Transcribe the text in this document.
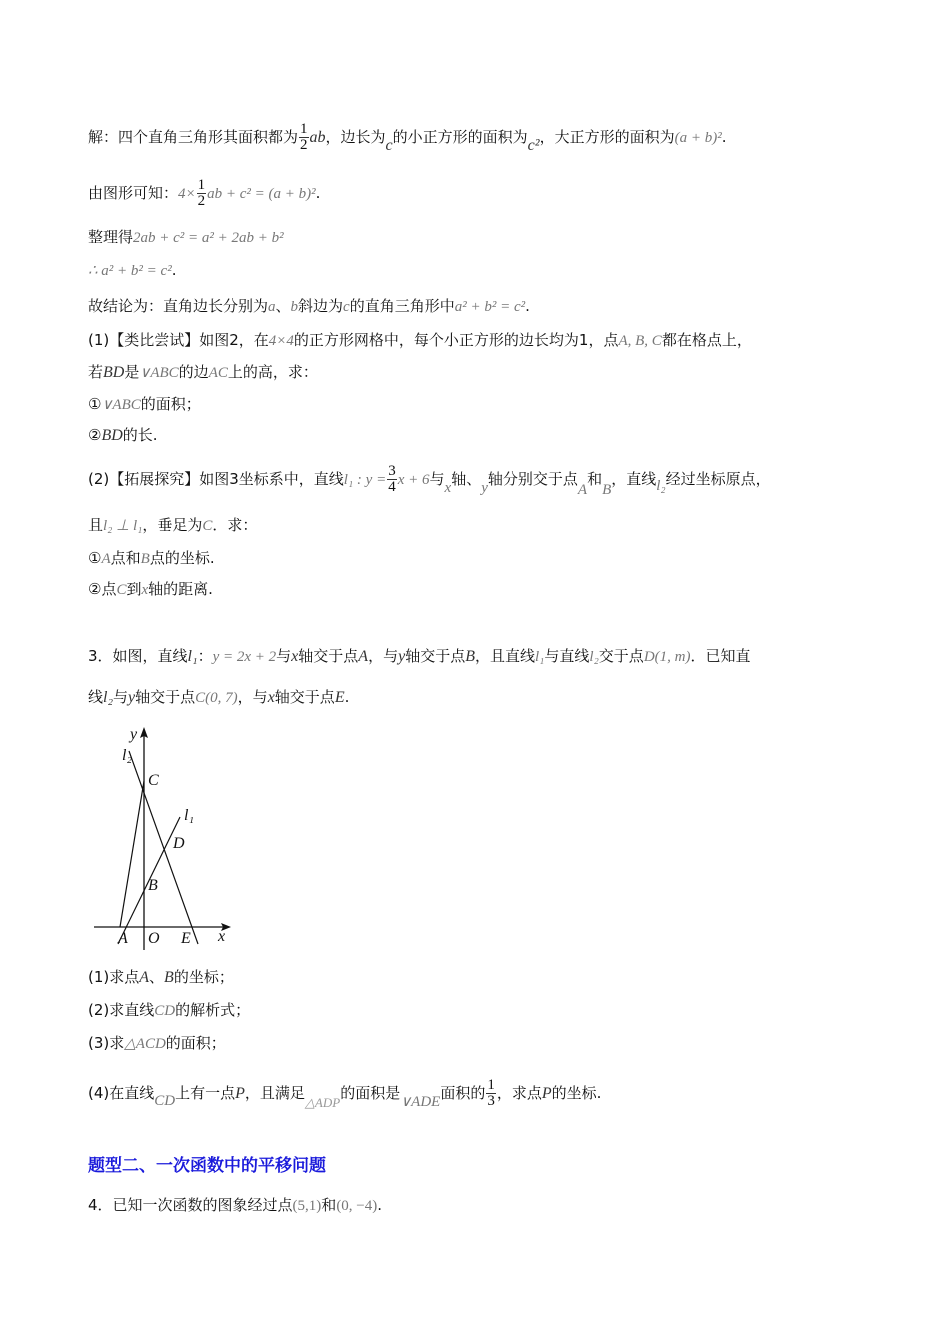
解：四个直角三角形其面积都为 $\frac{1}{2}$ ab，边长为c的小正方形的面积为c²，大正方形的面积为(a + b)².
由图形可知：$4\times \frac{1}{2}$ ab + c² = (a + b)².
整理得2ab + c² = a² + 2ab + b²
∴ a² + b² = c².
故结论为：直角边长分别为a、b斜边为c的直角三角形中a² + b² = c².
(1)【类比尝试】如图2，在4×4的正方形网格中，每个小正方形的边长均为1，点A, B, C都在格点上，
若BD是∨ABC的边AC上的高，求：
①∨ABC的面积；
②BD的长.
(2)【拓展探究】如图3坐标系中，直线l₁ : $y = \frac{3}{4}$ x + 6与x轴、y轴分别交于点A和B，直线l₂经过坐标原点，
且l₂ ⊥ l₁，垂足为C．求：
①A点和B点的坐标.
②点C到x轴的距离.
3．如图，直线l₁：y = 2x + 2与x轴交于点A，与y轴交于点B，且直线l₁与直线l₂交于点D(1, m)．已知直
线l₂与y轴交于点C(0, 7)，与x轴交于点E.
y
l₂
C
l₁
D
B
A O E x
(1)求点A、B的坐标；
(2)求直线CD的解析式；
(3)求△ACD的面积；
(4)在直线CD上有一点P，且满足△ADP的面积是∨ADE面积的 $\frac{1}{3}$ ，求点P的坐标.
题型二、一次函数中的平移问题
4．已知一次函数的图象经过点(5,1)和(0, −4).
